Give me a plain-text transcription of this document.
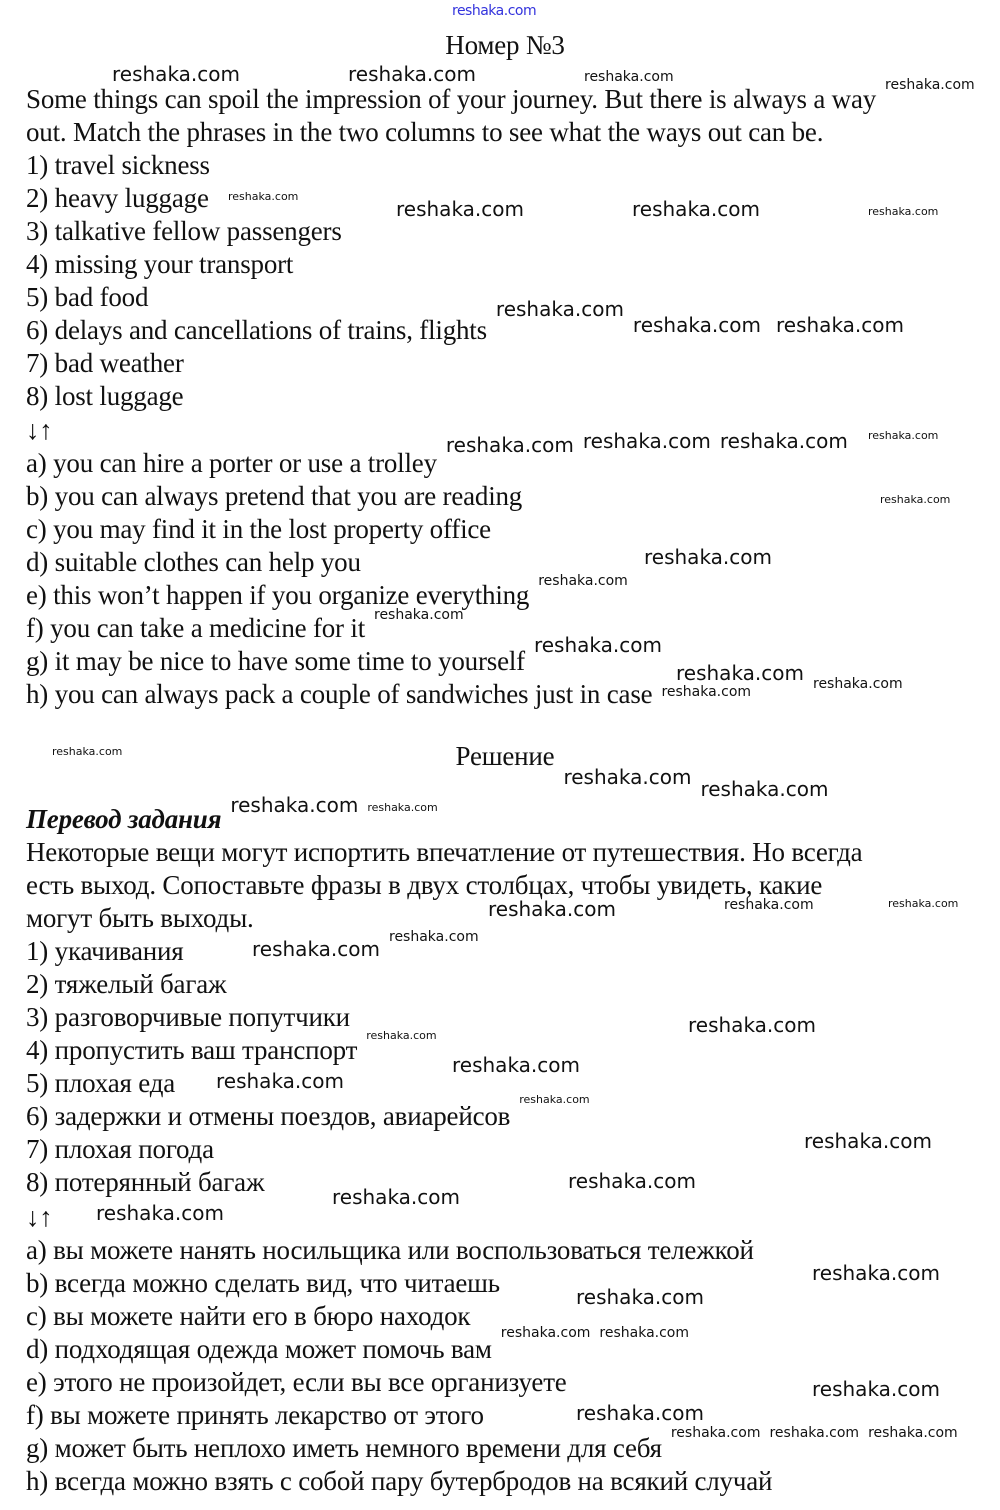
Номер №3
Some things can spoil the impression of your journey. But there is always a way
out. Match the phrases in the two columns to see what the ways out can be.
1) travel sickness
2) heavy luggage
3) talkative fellow passengers
4) missing your transport
5) bad food
6) delays and cancellations of trains, flights
7) bad weather
8) lost luggage
↓↑
a) you can hire a porter or use a trolley
b) you can always pretend that you are reading
c) you may find it in the lost property office
d) suitable clothes can help you
e) this won’t happen if you organize everything
f) you can take a medicine for it
g) it may be nice to have some time to yourself
h) you can always pack a couple of sandwiches just in case
Решение
Перевод задания
Некоторые вещи могут испортить впечатление от путешествия. Но всегда
есть выход. Сопоставьте фразы в двух столбцах, чтобы увидеть, какие
могут быть выходы.
1) укачивания
2) тяжелый багаж
3) разговорчивые попутчики
4) пропустить ваш транспорт
5) плохая еда
6) задержки и отмены поездов, авиарейсов
7) плохая погода
8) потерянный багаж
↓↑
a) вы можете нанять носильщика или воспользоваться тележкой
b) всегда можно сделать вид, что читаешь
c) вы можете найти его в бюро находок
d) подходящая одежда может помочь вам
e) этого не произойдет, если вы все организуете
f) вы можете принять лекарство от этого
g) может быть неплохо иметь немного времени для себя
h) всегда можно взять с собой пару бутербродов на всякий случай
reshaka.com	reshaka.com
reshaka.com	reshaka.com
reshaka.com
reshaka.com reshaka.com
reshaka.com reshaka.com reshaka.com
reshaka.com
reshaka.com
reshaka.com
reshaka.com reshaka.com
reshaka.com
reshaka.com
reshaka.com
reshaka.com
reshaka.com
reshaka.com
reshaka.com
reshaka.com
reshaka.com
reshaka.com
reshaka.com
reshaka.com
reshaka.com
reshaka.com
reshaka.com	reshaka.com
reshaka.com
reshaka.com
reshaka.com
reshaka.com reshaka.com
reshaka.com reshaka.com reshaka.com
reshaka.com
reshaka.com
reshaka.com
reshaka.com
reshaka.com
reshaka.com
reshaka.com
reshaka.com
reshaka.com
reshaka.com
reshaka.com
reshaka.com
reshaka.com
